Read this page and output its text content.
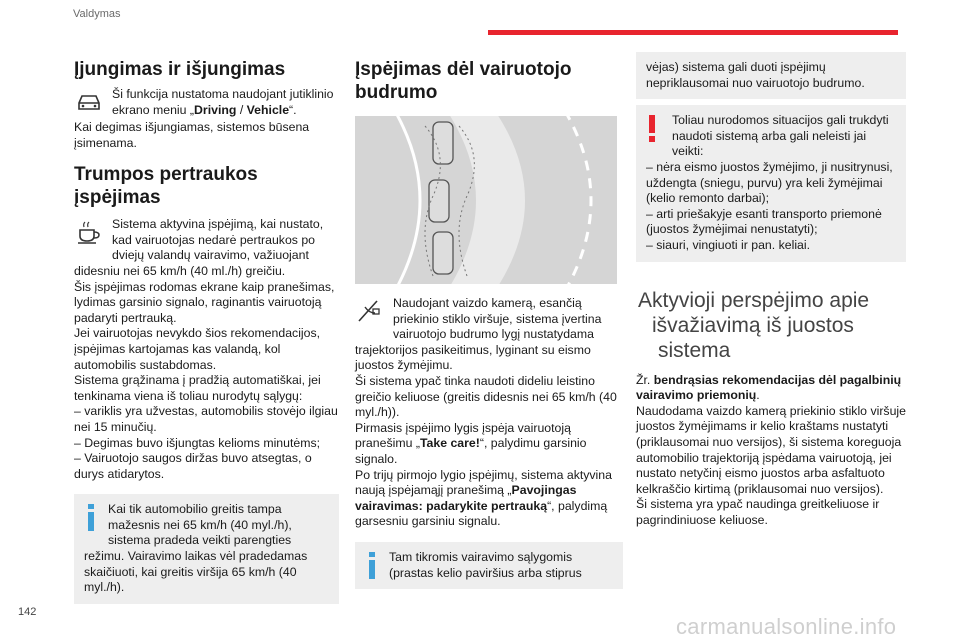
Valdymas
Įjungimas ir išjungimas

Ši funkcija nustatoma naudojant jutiklinio ekrano meniu „Driving / Vehicle“.

Kai degimas išjungiamas, sistemos būsena įsimenama.

Trumpos pertraukos įspėjimas

Sistema aktyvina įspėjimą, kai nustato, kad vairuotojas nedarė pertraukos po dviejų valandų vairavimo, važiuojant didesniu nei 65 km/h (40 ml./h) greičiu.

Šis įspėjimas rodomas ekrane kaip pranešimas, lydimas garsinio signalo, raginantis vairuotoją padaryti pertrauką.

Jei vairuotojas nevykdo šios rekomendacijos, įspėjimas kartojamas kas valandą, kol automobilis sustabdomas.

Sistema grąžinama į pradžią automatiškai, jei tenkinama viena iš toliau nurodytų sąlygų:

– variklis yra užvestas, automobilis stovėjo ilgiau nei 15 minučių.

– Degimas buvo išjungtas kelioms minutėms;

– Vairuotojo saugos diržas buvo atsegtas, o durys atidarytos.

Kai tik automobilio greitis tampa mažesnis nei 65 km/h (40 myl./h), sistema pradeda veikti parengties režimu. Vairavimo laikas vėl pradedamas skaičiuoti, kai greitis viršija 65 km/h (40 myl./h).

Įspėjimas dėl vairuotojo budrumo

Naudojant vaizdo kamerą, esančią priekinio stiklo viršuje, sistema įvertina vairuotojo budrumo lygį nustatydama trajektorijos pasikeitimus, lyginant su eismo juostos žymėjimu.

Ši sistema ypač tinka naudoti dideliu leistino greičio keliuose (greitis didesnis nei 65 km/h (40 myl./h)).

Pirmasis įspėjimo lygis įspėja vairuotoją pranešimu „Take care!“, palydimu garsinio signalo.

Po trijų pirmojo lygio įspėjimų, sistema aktyvina naują įspėjamąjį pranešimą „Pavojingas vairavimas: padarykite pertrauką“, palydimą garsesniu garsiniu signalu.

Tam tikromis vairavimo sąlygomis (prastas kelio paviršius arba stiprus

vėjas) sistema gali duoti įspėjimų nepriklausomai nuo vairuotojo budrumo.

Toliau nurodomos situacijos gali trukdyti naudoti sistemą arba gali neleisti jai veikti:

– nėra eismo juostos žymėjimo, ji nusitrynusi, uždengta (sniegu, purvu) yra keli žymėjimai (kelio remonto darbai);

– arti priešakyje esanti transporto priemonė (juostos žymėjimai nenustatyti);

– siauri, vingiuoti ir pan. keliai.

Aktyvioji perspėjimo apie
išvažiavimą iš juostos
sistema

Žr. bendrąsias rekomendacijas dėl pagalbinių vairavimo priemonių.

Naudodama vaizdo kamerą priekinio stiklo viršuje juostos žymėjimams ir kelio kraštams nustatyti (priklausomai nuo versijos), ši sistema koreguoja automobilio trajektoriją įspėdama vairuotoją, jei nustato netyčinį eismo juostos arba asfaltuoto kelkraščio kirtimą (priklausomai nuo versijos).

Ši sistema yra ypač naudinga greitkeliuose ir pagrindiniuose keliuose.

142
carmanualsonline.info
